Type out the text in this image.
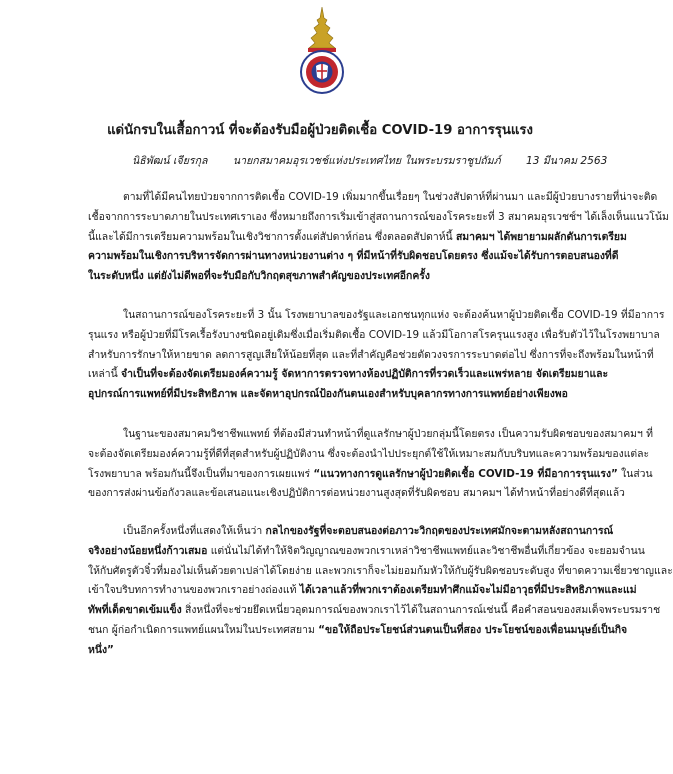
แด่นักรบในเสื้อกาวน์ ที่จะต้องรับมือผู้ป่วยติดเชื้อ COVID-19 อาการรุนแรง
นิธิพัฒน์ เจียรกุล นายกสมาคมอุรเวชช์แห่งประเทศไทย ในพระบรมราชูปถัมภ์ 13 มีนาคม 2563
ตามที่ได้มีคนไทยป่วยจากการติดเชื้อ COVID-19 เพิ่มมากขึ้นเรื่อยๆ ในช่วงสัปดาห์ที่ผ่านมา และมีผู้ป่วยบางรายที่น่าจะติด
เชื้อจากการระบาดภายในประเทศเราเอง ซึ่งหมายถึงการเริ่มเข้าสู่สถานการณ์ของโรคระยะที่ 3 สมาคมอุรเวชช์ฯ ได้เล็งเห็นแนวโน้ม
นี้และได้มีการเตรียมความพร้อมในเชิงวิชาการตั้งแต่สัปดาห์ก่อน ซึ่งตลอดสัปดาห์นี้ สมาคมฯ ได้พยายามผลักดันการเตรียม
ความพร้อมในเชิงการบริหารจัดการผ่านทางหน่วยงานต่าง ๆ ที่มีหน้าที่รับผิดชอบโดยตรง ซึ่งแม้จะได้รับการตอบสนองที่ดี
ในระดับหนึ่ง แต่ยังไม่ดีพอที่จะรับมือกับวิกฤตสุขภาพสำคัญของประเทศอีกครั้ง
ในสถานการณ์ของโรคระยะที่ 3 นั้น โรงพยาบาลของรัฐและเอกชนทุกแห่ง จะต้องค้นหาผู้ป่วยติดเชื้อ COVID-19 ที่มีอาการ
รุนแรง หรือผู้ป่วยที่มีโรคเรื้อรังบางชนิดอยู่เดิมซึ่งเมื่อเริ่มติดเชื้อ COVID-19 แล้วมีโอกาสโรครุนแรงสูง เพื่อรับตัวไว้ในโรงพยาบาล
สำหรับการรักษาให้หายขาด ลดการสูญเสียให้น้อยที่สุด และที่สำคัญคือช่วยตัดวงจรการระบาดต่อไป ซึ่งการที่จะถึงพร้อมในหน้าที่
เหล่านี้ จำเป็นที่จะต้องจัดเตรียมองค์ความรู้ จัดหาการตรวจทางห้องปฏิบัติการที่รวดเร็วและแพร่หลาย จัดเตรียมยาและ
อุปกรณ์การแพทย์ที่มีประสิทธิภาพ และจัดหาอุปกรณ์ป้องกันตนเองสำหรับบุคลากรทางการแพทย์อย่างเพียงพอ
ในฐานะของสมาคมวิชาชีพแพทย์ ที่ต้องมีส่วนทำหน้าที่ดูแลรักษาผู้ป่วยกลุ่มนี้โดยตรง เป็นความรับผิดชอบของสมาคมฯ ที่
จะต้องจัดเตรียมองค์ความรู้ที่ดีที่สุดสำหรับผู้ปฏิบัติงาน ซึ่งจะต้องนำไปประยุกต์ใช้ให้เหมาะสมกับบริบทและความพร้อมของแต่ละ
โรงพยาบาล พร้อมกันนี้จึงเป็นที่มาของการเผยแพร่ “แนวทางการดูแลรักษาผู้ป่วยติดเชื้อ COVID-19 ที่มีอาการรุนแรง” ในส่วน
ของการส่งผ่านข้อกังวลและข้อเสนอแนะเชิงปฏิบัติการต่อหน่วยงานสูงสุดที่รับผิดชอบ สมาคมฯ ได้ทำหน้าที่อย่างดีที่สุดแล้ว
เป็นอีกครั้งหนึ่งที่แสดงให้เห็นว่า กลไกของรัฐที่จะตอบสนองต่อภาวะวิกฤตของประเทศมักจะตามหลังสถานการณ์
จริงอย่างน้อยหนึ่งก้าวเสมอ แต่นั่นไม่ได้ทำให้จิตวิญญาณของพวกเราเหล่าวิชาชีพแพทย์และวิชาชีพอื่นที่เกี่ยวข้อง จะยอมจำนน
ให้กับศัตรูตัวจิ๋วที่มองไม่เห็นด้วยตาเปล่าได้โดยง่าย และพวกเราก็จะไม่ยอมก้มหัวให้กับผู้รับผิดชอบระดับสูง ที่ขาดความเชี่ยวชาญและ
เข้าใจบริบทการทำงานของพวกเราอย่างถ่องแท้ ได้เวลาแล้วที่พวกเราต้องเตรียมทำศึกแม้จะไม่มีอาวุธที่มีประสิทธิภาพและแม่
ทัพที่เด็ดขาดเข้มแข็ง สิ่งหนึ่งที่จะช่วยยึดเหนี่ยวอุดมการณ์ของพวกเราไว้ได้ในสถานการณ์เช่นนี้ คือคำสอนของสมเด็จพระบรมราช
ชนก ผู้ก่อกำเนิดการแพทย์แผนใหม่ในประเทศสยาม “ขอให้ถือประโยชน์ส่วนตนเป็นที่สอง ประโยชน์ของเพื่อนมนุษย์เป็นกิจ
หนึ่ง”
